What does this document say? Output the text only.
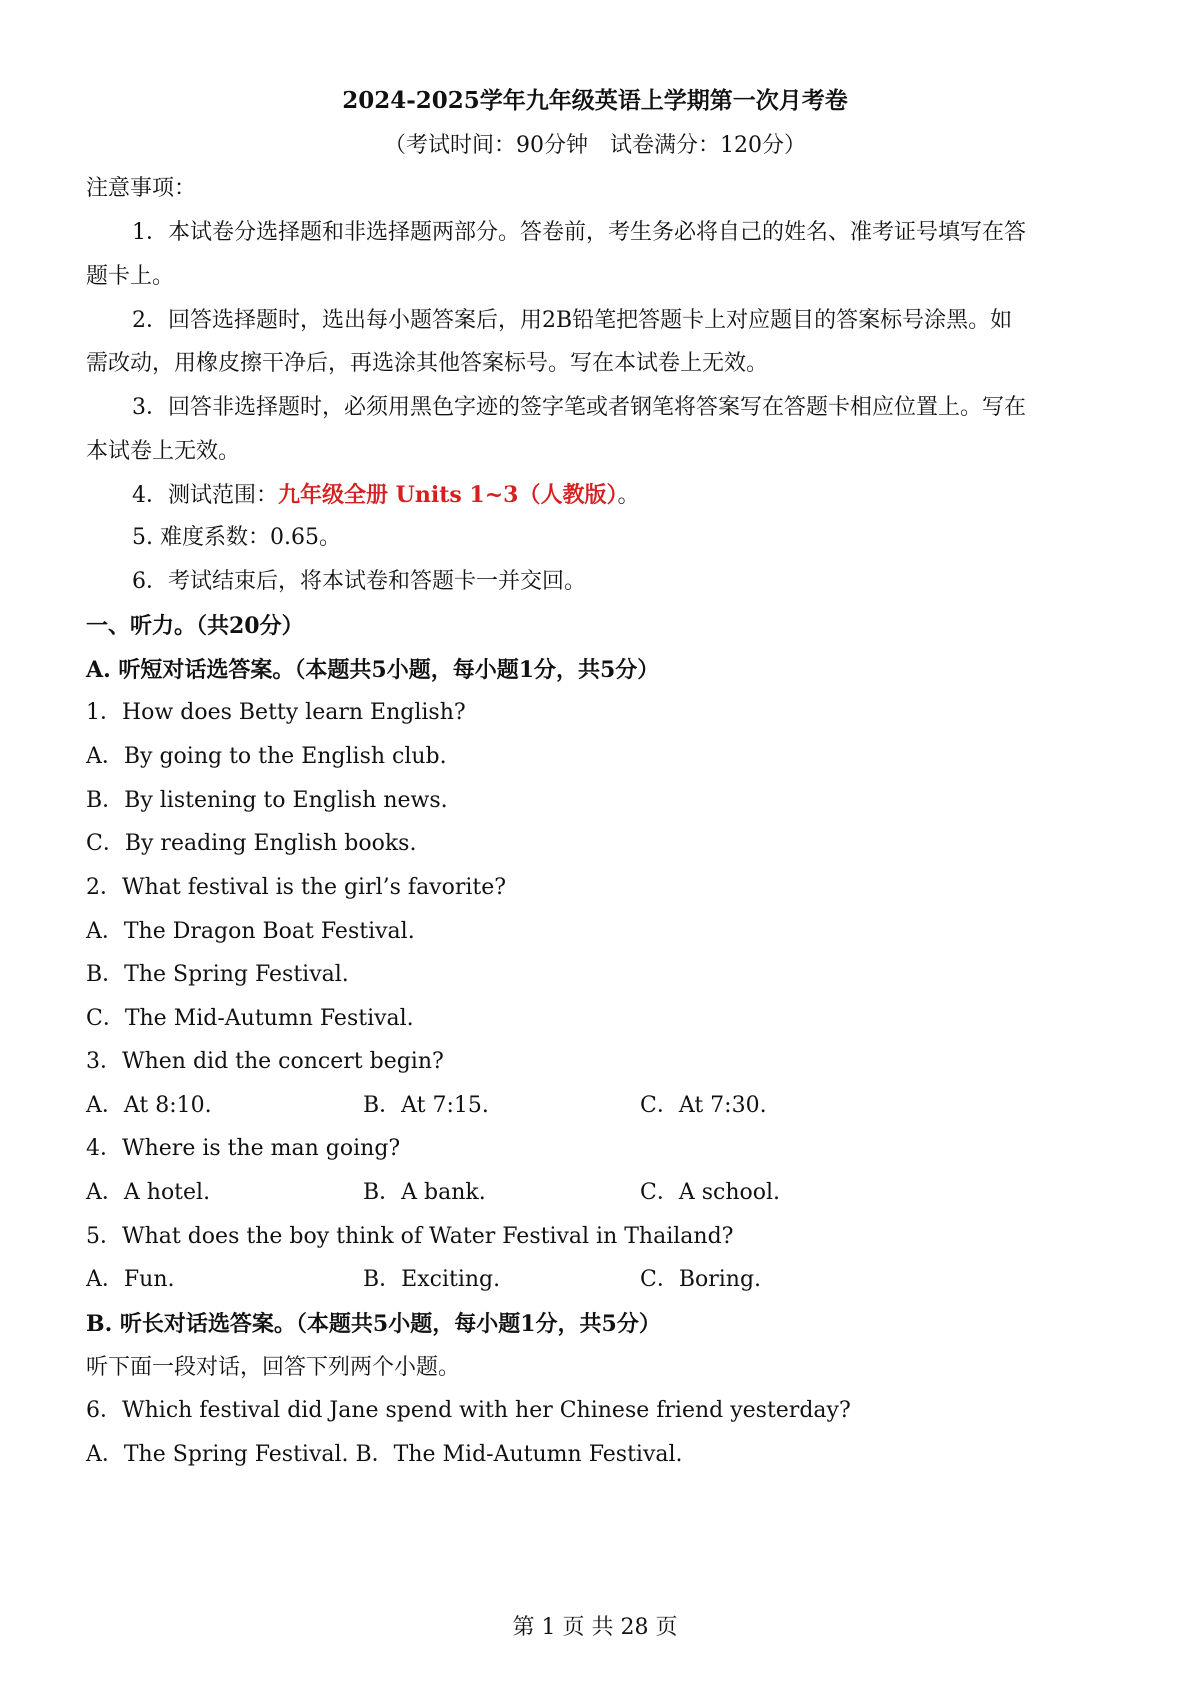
2024-2025学年九年级英语上学期第一次月考卷
（考试时间：90分钟　试卷满分：120分）
注意事项：
1．本试卷分选择题和非选择题两部分。答卷前，考生务必将自己的姓名、准考证号填写在答
题卡上。
2．回答选择题时，选出每小题答案后，用2B铅笔把答题卡上对应题目的答案标号涂黑。如
需改动，用橡皮擦干净后，再选涂其他答案标号。写在本试卷上无效。
3．回答非选择题时，必须用黑色字迹的签字笔或者钢笔将答案写在答题卡相应位置上。写在
本试卷上无效。
4．测试范围：九年级全册 Units 1~3（人教版）。
5. 难度系数：0.65。
6．考试结束后，将本试卷和答题卡一并交回。
一、听力。（共20分）
A. 听短对话选答案。（本题共5小题，每小题1分，共5分）
1．How does Betty learn English?
A．By going to the English club.
B．By listening to English news.
C．By reading English books.
2．What festival is the girl’s favorite?
A．The Dragon Boat Festival.
B．The Spring Festival.
C．The Mid-Autumn Festival.
3．When did the concert begin?
A．At 8:10.	B．At 7:15.	C．At 7:30.
4．Where is the man going?
A．A hotel.	B．A bank.	C．A school.
5．What does the boy think of Water Festival in Thailand?
A．Fun.	B．Exciting.	C．Boring.
B. 听长对话选答案。（本题共5小题，每小题1分，共5分）
听下面一段对话，回答下列两个小题。
6．Which festival did Jane spend with her Chinese friend yesterday?
A．The Spring Festival. B．The Mid-Autumn Festival.
第 1 页 共 28 页
